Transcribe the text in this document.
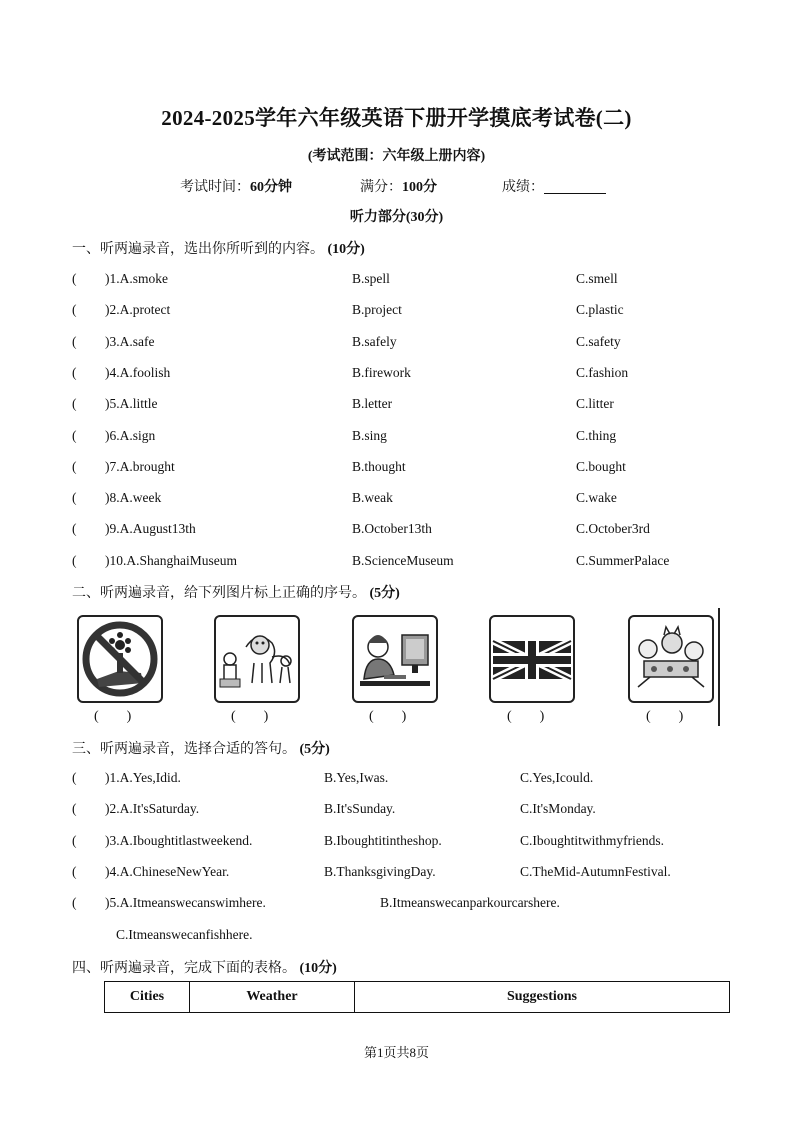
2024-2025学年六年级英语下册开学摸底考试卷(二)
(考试范围：六年级上册内容)
考试时间：60分钟	满分：100分	成绩：
听力部分(30分)
一、听两遍录音，选出你所听到的内容。 (10分)
( )1.A.smoke	B.spell	C.smell
( )2.A.protect	B.project	C.plastic
( )3.A.safe	B.safely	C.safety
( )4.A.foolish	B.firework	C.fashion
( )5.A.little	B.letter	C.litter
( )6.A.sign	B.sing	C.thing
( )7.A.brought	B.thought	C.bought
( )8.A.week	B.weak	C.wake
( )9.A.August13th	B.October13th	C.October3rd
( )10.A.ShanghaiMuseum	B.ScienceMuseum	C.SummerPalace
二、听两遍录音，给下列图片标上正确的序号。 (5分)
(　　)	(　　)	(　　)	(　　)	(　　)
三、听两遍录音，选择合适的答句。 (5分)
( )1.A.Yes,Idid.	B.Yes,Iwas.	C.Yes,Icould.
( )2.A.It'sSaturday.	B.It'sSunday.	C.It'sMonday.
( )3.A.Iboughtitlastweekend.	B.Iboughtitintheshop.	C.Iboughtitwithmyfriends.
( )4.A.ChineseNewYear.	B.ThanksgivingDay.	C.TheMid-AutumnFestival.
( )5.A.Itmeanswecanswimhere.	B.Itmeanswecanparkourcarshere.
C.Itmeanswecanfishhere.
四、听两遍录音，完成下面的表格。 (10分)
Cities	Weather	Suggestions
第1页共8页
